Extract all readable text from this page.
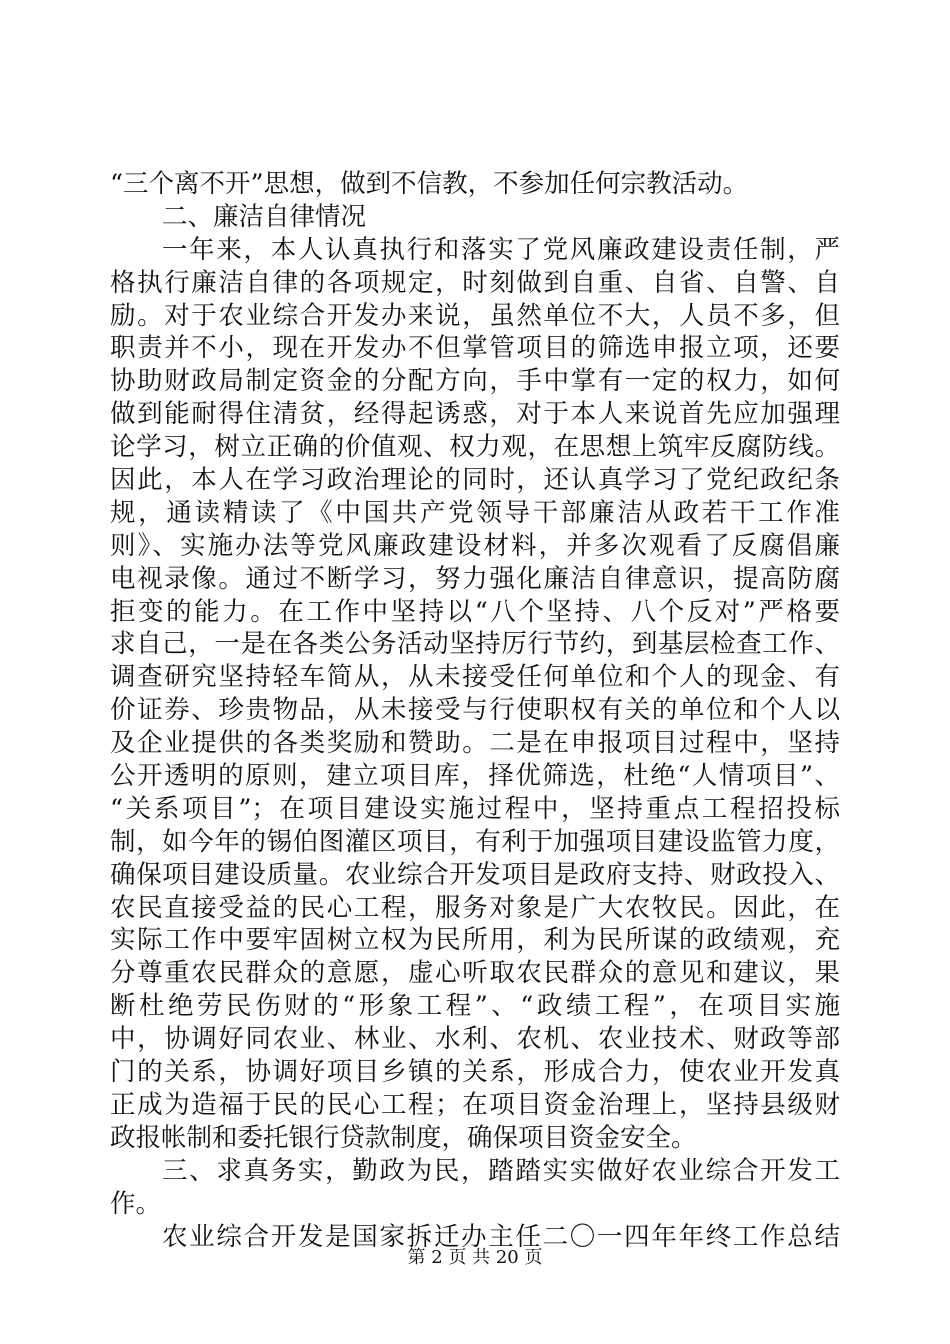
“三个离不开”思想，做到不信教，不参加任何宗教活动。
二、廉洁自律情况
一年来，本人认真执行和落实了党风廉政建设责任制，严
格执行廉洁自律的各项规定，时刻做到自重、自省、自警、自
励。对于农业综合开发办来说，虽然单位不大，人员不多，但
职责并不小，现在开发办不但掌管项目的筛选申报立项，还要
协助财政局制定资金的分配方向，手中掌有一定的权力，如何
做到能耐得住清贫，经得起诱惑，对于本人来说首先应加强理
论学习，树立正确的价值观、权力观，在思想上筑牢反腐防线。
因此，本人在学习政治理论的同时，还认真学习了党纪政纪条
规，通读精读了《中国共产党领导干部廉洁从政若干工作准
则》、实施办法等党风廉政建设材料，并多次观看了反腐倡廉
电视录像。通过不断学习，努力强化廉洁自律意识，提高防腐
拒变的能力。在工作中坚持以“八个坚持、八个反对”严格要
求自己，一是在各类公务活动坚持厉行节约，到基层检查工作、
调查研究坚持轻车简从，从未接受任何单位和个人的现金、有
价证券、珍贵物品，从未接受与行使职权有关的单位和个人以
及企业提供的各类奖励和赞助。二是在申报项目过程中，坚持
公开透明的原则，建立项目库，择优筛选，杜绝“人情项目”、
“关系项目”；在项目建设实施过程中，坚持重点工程招投标
制，如今年的锡伯图灌区项目，有利于加强项目建设监管力度，
确保项目建设质量。农业综合开发项目是政府支持、财政投入、
农民直接受益的民心工程，服务对象是广大农牧民。因此，在
实际工作中要牢固树立权为民所用，利为民所谋的政绩观，充
分尊重农民群众的意愿，虚心听取农民群众的意见和建议，果
断杜绝劳民伤财的“形象工程”、“政绩工程”，在项目实施
中，协调好同农业、林业、水利、农机、农业技术、财政等部
门的关系，协调好项目乡镇的关系，形成合力，使农业开发真
正成为造福于民的民心工程；在项目资金治理上，坚持县级财
政报帐制和委托银行贷款制度，确保项目资金安全。
三、求真务实，勤政为民，踏踏实实做好农业综合开发工
作。
农业综合开发是国家拆迁办主任二〇一四年年终工作总结
第 2 页 共 20 页
